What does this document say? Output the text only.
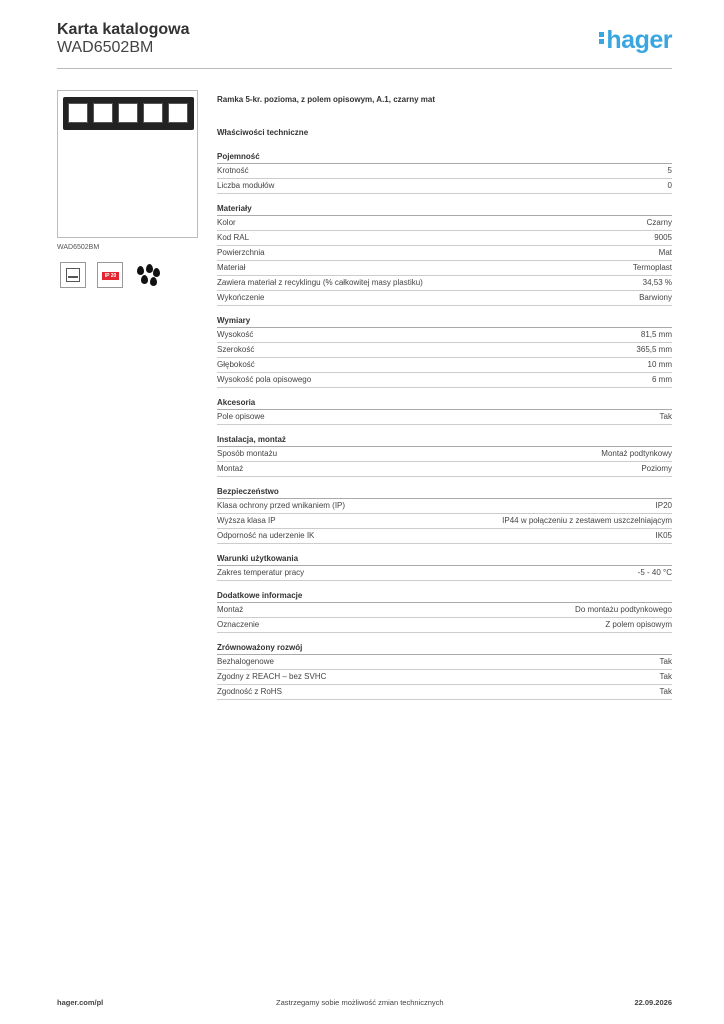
Karta katalogowa
WAD6502BM	hager
WAD6502BM
IP 20
Ramka 5-kr. pozioma, z polem opisowym, A.1, czarny mat
Właściwości techniczne
Pojemność
Krotność	5
Liczba modułów	0
Materiały
Kolor	Czarny
Kod RAL	9005
Powierzchnia	Mat
Materiał	Termoplast
Zawiera materiał z recyklingu (% całkowitej masy plastiku)	34,53 %
Wykończenie	Barwiony
Wymiary
Wysokość	81,5 mm
Szerokość	365,5 mm
Głębokość	10 mm
Wysokość pola opisowego	6 mm
Akcesoria
Pole opisowe	Tak
Instalacja, montaż
Sposób montażu	Montaż podtynkowy
Montaż	Poziomy
Bezpieczeństwo
Klasa ochrony przed wnikaniem (IP)	IP20
Wyższa klasa IP	IP44 w połączeniu z zestawem uszczelniającym
Odporność na uderzenie IK	IK05
Warunki użytkowania
Zakres temperatur pracy	-5 - 40 °C
Dodatkowe informacje
Montaż	Do montażu podtynkowego
Oznaczenie	Z polem opisowym
Zrównoważony rozwój
Bezhalogenowe	Tak
Zgodny z REACH – bez SVHC	Tak
Zgodność z RoHS	Tak
hager.com/pl	Zastrzegamy sobie możliwość zmian technicznych	22.09.2026
